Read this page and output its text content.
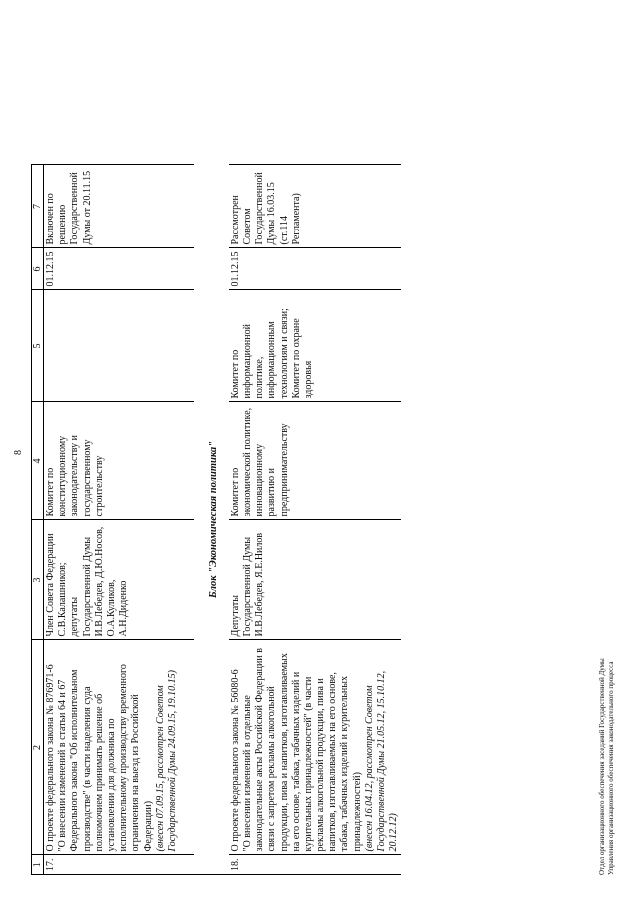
8
1	2	3	4	5	6	7
17.	О проекте федерального закона № 876971-6 "О внесении изменений в статьи 64 и 67 Федерального закона "Об исполнительном производстве" (в части наделения суда полномочием принимать решение об установлении для должника по исполнительному производству временного ограничения на выезд из Российской Федерации) (внесен 07.09.15, рассмотрен Советом Государственной Думы 24.09.15, 19.10.15)	Член Совета Федерации С.В.Калашников; депутаты Государственной Думы И.В.Лебедев, Д.Ю.Носов, О.А.Куликов, А.Н.Диденко	Комитет по конституционному законодательству и государственному строительству		01.12.15	Включен по решению Государственной Думы от 20.11.15
Блок "Экономическая политика"						
18.	О проекте федерального закона № 56080-6 "О внесении изменений в отдельные законодательные акты Российской Федерации в связи с запретом рекламы алкогольной продукции, пива и напитков, изготавливаемых на его основе, табака, табачных изделий и курительных принадлежностей" (в части рекламы алкогольной продукции, пива и напитков, изготавливаемых на его основе, табака, табачных изделий и курительных принадлежностей) (внесен 16.04.12, рассмотрен Советом Государственной Думы 21.05.12, 15.10.12, 20.12.12)	Депутаты Государственной Думы И.В.Лебедев, Я.Е.Нилов	Комитет по экономической политике, инновационному развитию и предпринимательству	Комитет по информационной политике, информационным технологиям и связи; Комитет по охране здоровья	01.12.15	Рассмотрен Советом Государственной Думы 16.03.15 (ст.114 Регламента)
Отдел организационного обеспечения заседаний Государственной Думы Управления организационного обеспечения законодательного процесса
